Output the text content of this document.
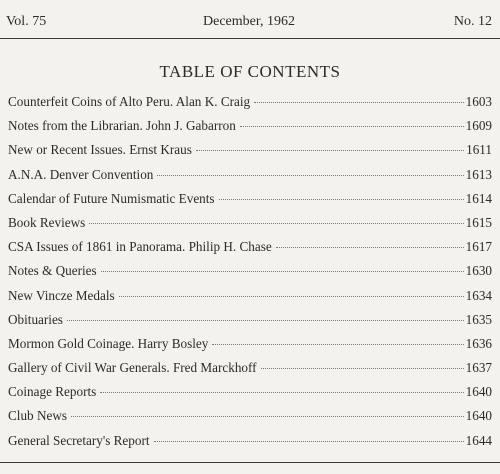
Vol. 75	December, 1962	No. 12
TABLE OF CONTENTS
Counterfeit Coins of Alto Peru. Alan K. Craig	1603
Notes from the Librarian. John J. Gabarron	1609
New or Recent Issues. Ernst Kraus	1611
A.N.A. Denver Convention	1613
Calendar of Future Numismatic Events	1614
Book Reviews	1615
CSA Issues of 1861 in Panorama. Philip H. Chase	1617
Notes & Queries	1630
New Vincze Medals	1634
Obituaries	1635
Mormon Gold Coinage. Harry Bosley	1636
Gallery of Civil War Generals. Fred Marckhoff	1637
Coinage Reports	1640
Club News	1640
General Secretary's Report	1644
